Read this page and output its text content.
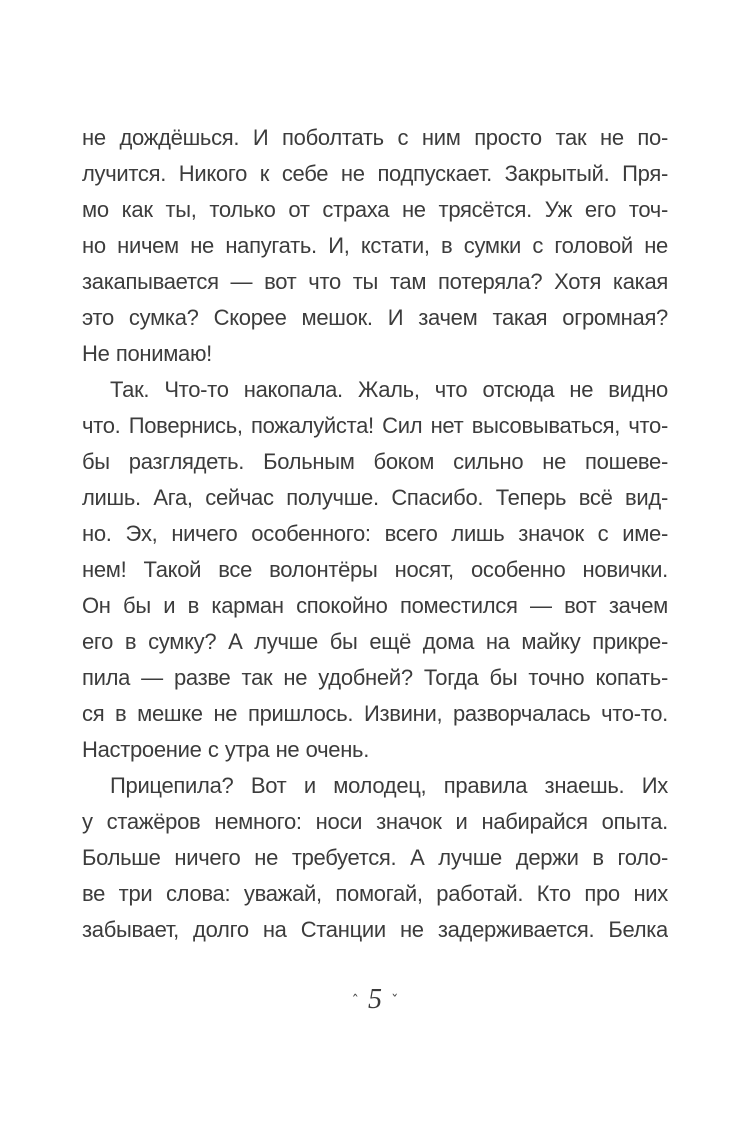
не дождёшься. И поболтать с ним просто так не по-
лучится. Никого к себе не подпускает. Закрытый. Пря-
мо как ты, только от страха не трясётся. Уж его точ-
но ничем не напугать. И, кстати, в сумки с головой не
закапывается — вот что ты там потеряла? Хотя какая
это сумка? Скорее мешок. И зачем такая огромная?
Не понимаю!
Так. Что-то накопала. Жаль, что отсюда не видно
что. Повернись, пожалуйста! Сил нет высовываться, что-
бы разглядеть. Больным боком сильно не пошеве-
лишь. Ага, сейчас получше. Спасибо. Теперь всё вид-
но. Эх, ничего особенного: всего лишь значок с име-
нем! Такой все волонтёры носят, особенно новички.
Он бы и в карман спокойно поместился — вот зачем
его в сумку? А лучше бы ещё дома на майку прикре-
пила — разве так не удобней? Тогда бы точно копать-
ся в мешке не пришлось. Извини, разворчалась что-то.
Настроение с утра не очень.
Прицепила? Вот и молодец, правила знаешь. Их
у стажёров немного: носи значок и набирайся опыта.
Больше ничего не требуется. А лучше держи в голо-
ве три слова: уважай, помогай, работай. Кто про них
забывает, долго на Станции не задерживается. Белка
ˆ 5 ˇ
